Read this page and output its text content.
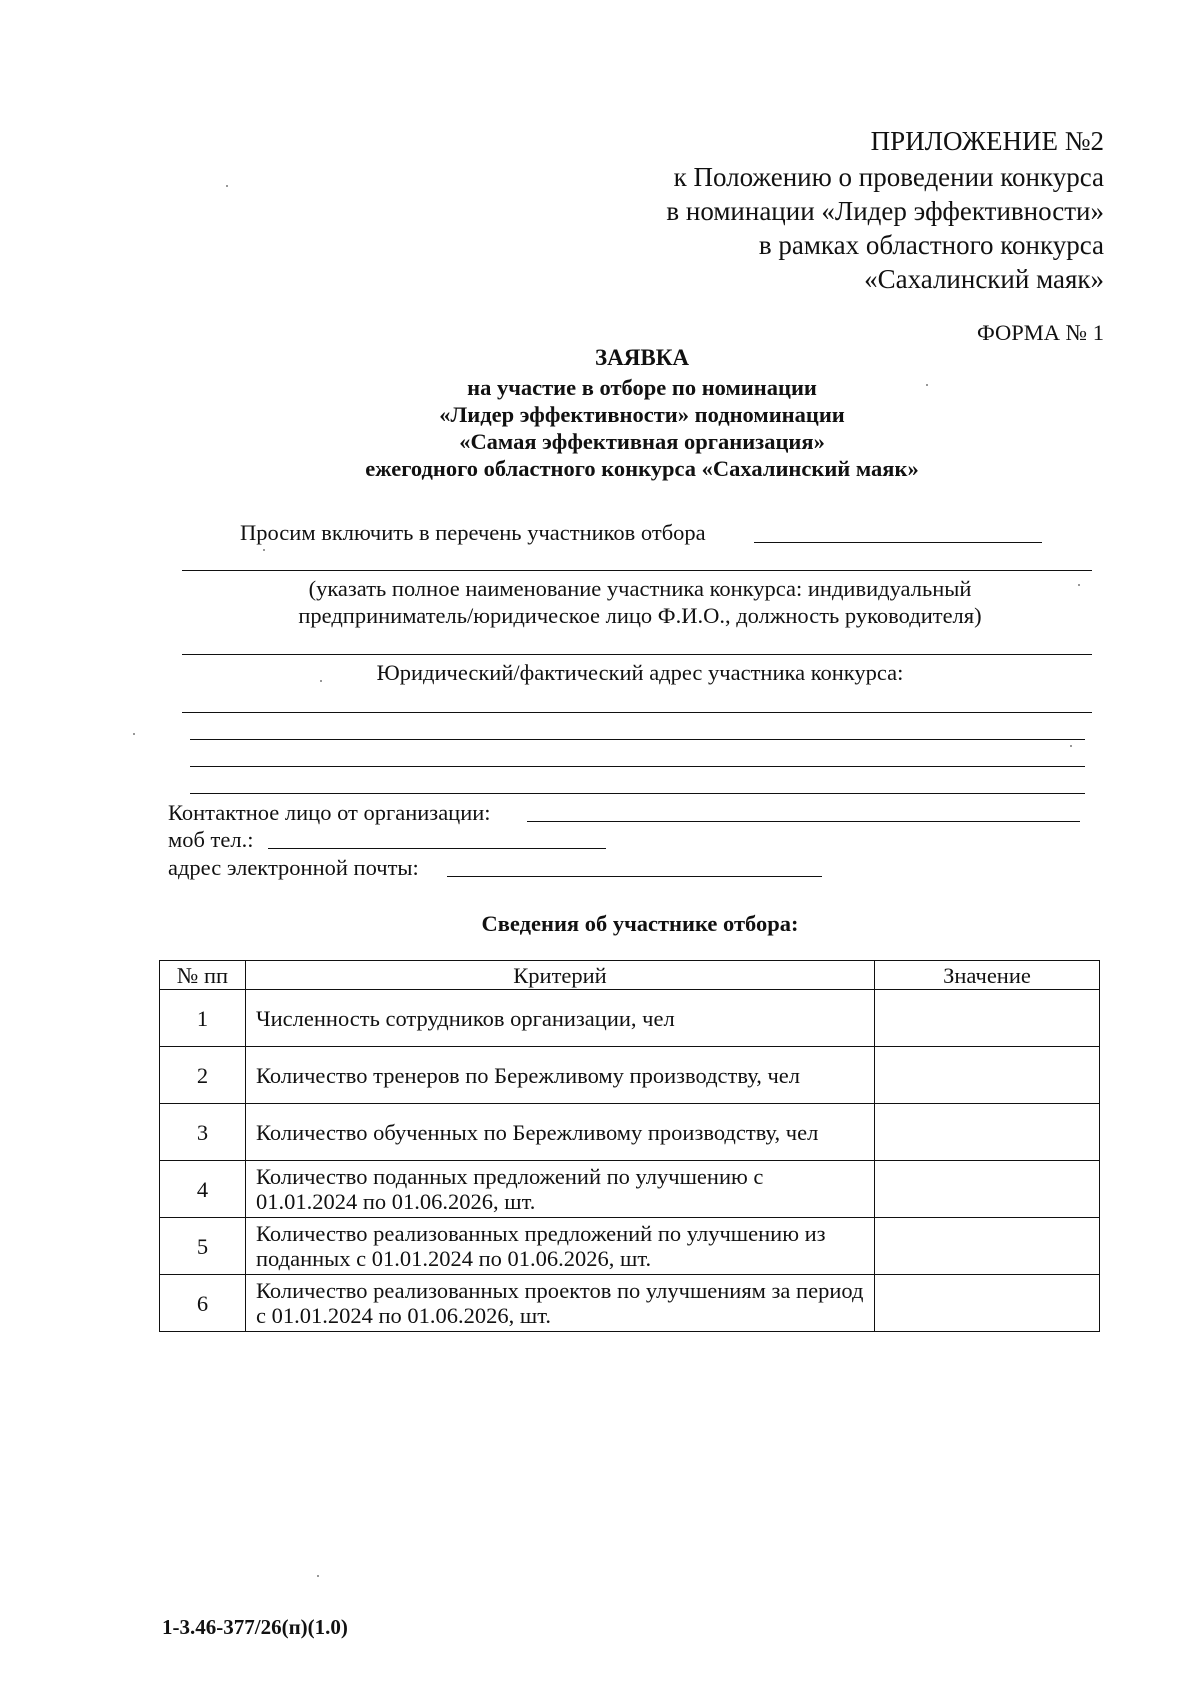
ПРИЛОЖЕНИЕ №2
к Положению о проведении конкурса
в номинации «Лидер эффективности»
в рамках областного конкурса
«Сахалинский маяк»
ФОРМА № 1
ЗАЯВКА
на участие в отборе по номинации
«Лидер эффективности» подноминации
«Самая эффективная организация»
ежегодного областного конкурса «Сахалинский маяк»
Просим включить в перечень участников отбора
(указать полное наименование участника конкурса: индивидуальный
предприниматель/юридическое лицо Ф.И.О., должность руководителя)
Юридический/фактический адрес участника конкурса:
Контактное лицо от организации:
моб тел.:
адрес электронной почты:
Сведения об участнике отбора:
№ пп	Критерий	Значение
1	Численность сотрудников организации, чел	
2	Количество тренеров по Бережливому производству, чел	
3	Количество обученных по Бережливому производству, чел	
4	Количество поданных предложений по улучшению с 01.01.2024 по 01.06.2026, шт.	
5	Количество реализованных предложений по улучшению из поданных с 01.01.2024 по 01.06.2026, шт.	
6	Количество реализованных проектов по улучшениям за период с 01.01.2024 по 01.06.2026, шт.	
1-3.46-377/26(п)(1.0)
